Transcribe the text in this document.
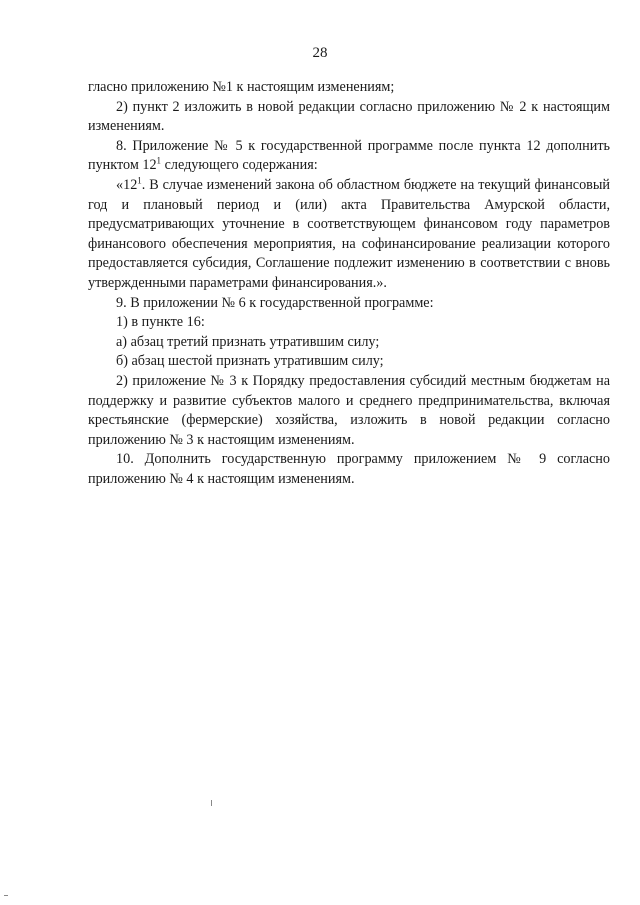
28

гласно приложению №1 к настоящим изменениям;

2) пункт 2 изложить в новой редакции согласно приложению № 2 к настоящим изменениям.

8. Приложение № 5 к государственной программе после пункта 12 дополнить пунктом $12^1$ следующего содержания:

«$12^1$. В случае изменений закона об областном бюджете на текущий финансовый год и плановый период и (или) акта Правительства Амурской области, предусматривающих уточнение в соответствующем финансовом году параметров финансового обеспечения мероприятия, на софинансирование реализации которого предоставляется субсидия, Соглашение подлежит изменению в соответствии с вновь утвержденными параметрами финансирования.».

9. В приложении № 6 к государственной программе:

1) в пункте 16:

а) абзац третий признать утратившим силу;

б) абзац шестой признать утратившим силу;

2) приложение № 3 к Порядку предоставления субсидий местным бюджетам на поддержку и развитие субъектов малого и среднего предпринимательства, включая крестьянские (фермерские) хозяйства, изложить в новой редакции согласно приложению № 3 к настоящим изменениям.

10. Дополнить государственную программу приложением № 9 согласно приложению № 4 к настоящим изменениям.
